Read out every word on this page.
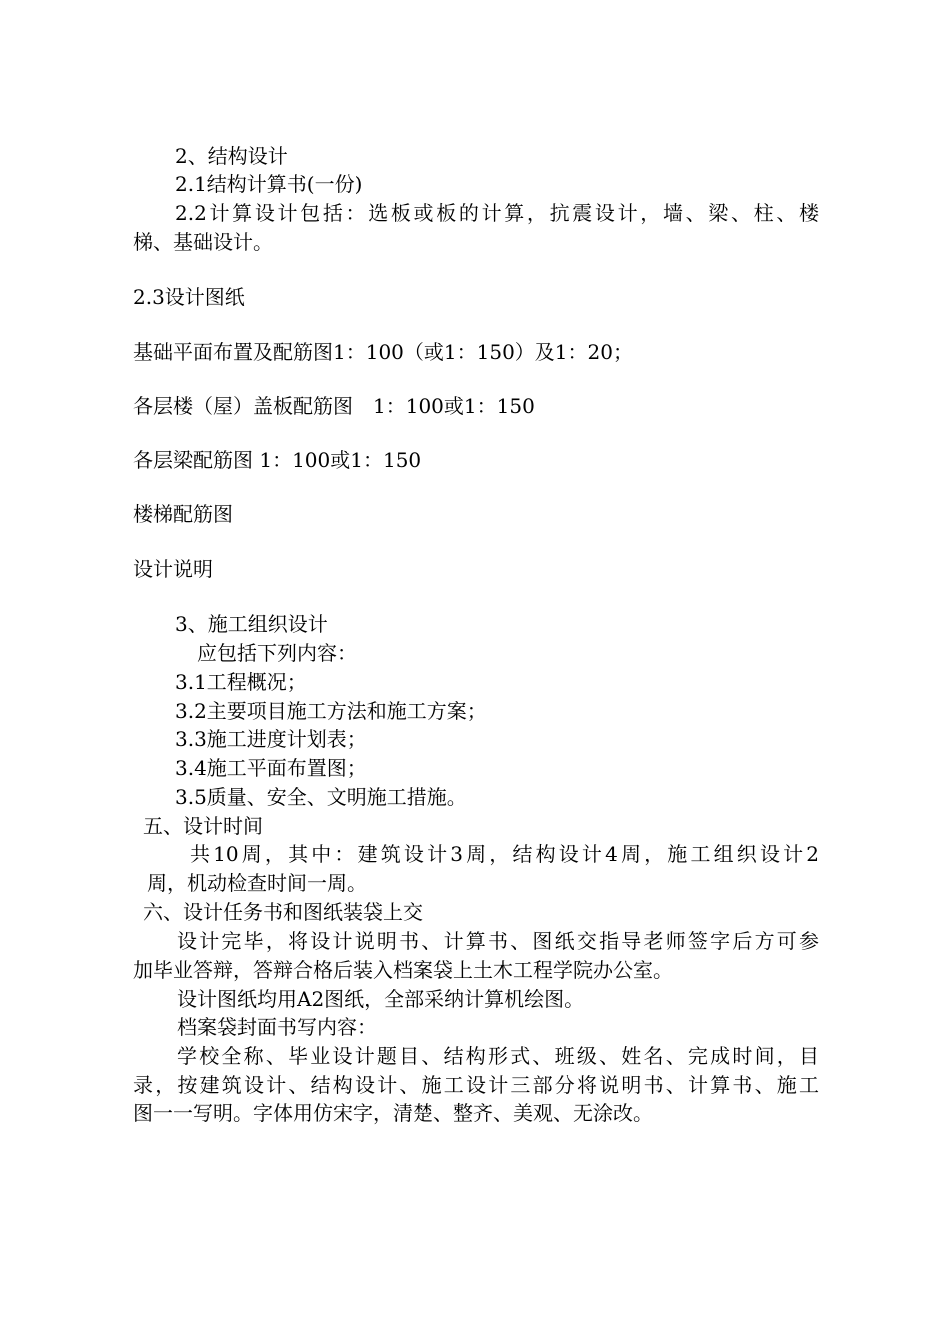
2、结构设计

2.1结构计算书(一份)

2.2计算设计包括：选板或板的计算，抗震设计，墙、梁、柱、楼

梯、基础设计。

2.3设计图纸

基础平面布置及配筋图1：100（或1：150）及1：20；

各层楼（屋）盖板配筋图　1：100或1：150

各层梁配筋图 1：100或1：150

楼梯配筋图

设计说明

3、施工组织设计

应包括下列内容：

3.1工程概况；

3.2主要项目施工方法和施工方案；

3.3施工进度计划表；

3.4施工平面布置图；

3.5质量、安全、文明施工措施。

五、设计时间

共10周，其中：建筑设计3周，结构设计4周，施工组织设计2

周，机动检查时间一周。

六、设计任务书和图纸装袋上交

设计完毕，将设计说明书、计算书、图纸交指导老师签字后方可参

加毕业答辩，答辩合格后装入档案袋上土木工程学院办公室。

设计图纸均用A2图纸，全部采纳计算机绘图。

档案袋封面书写内容：

学校全称、毕业设计题目、结构形式、班级、姓名、完成时间，目

录，按建筑设计、结构设计、施工设计三部分将说明书、计算书、施工

图一一写明。字体用仿宋字，清楚、整齐、美观、无涂改。
